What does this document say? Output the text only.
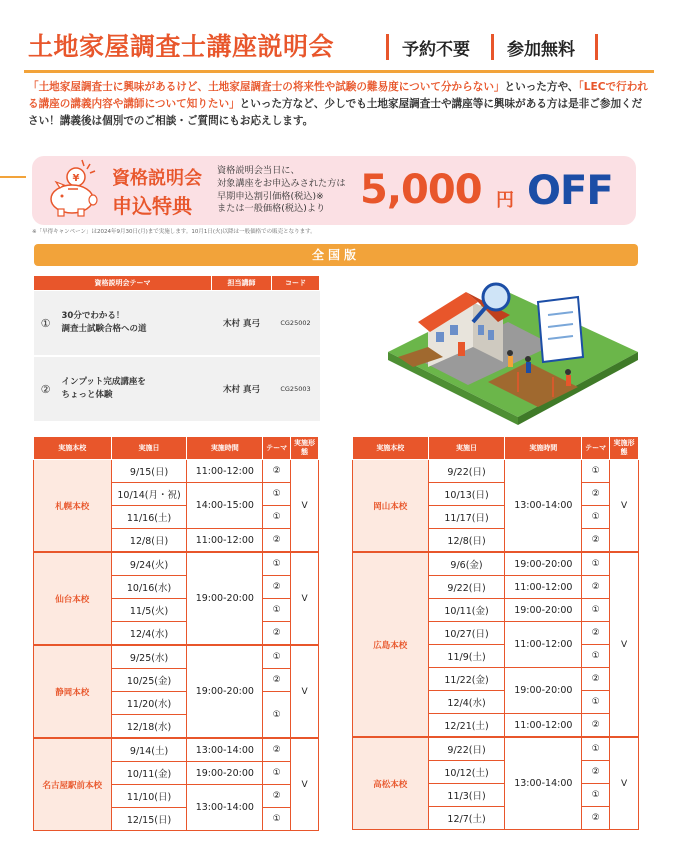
土地家屋調査士講座説明会	予約不要 参加無料
「土地家屋調査士に興味があるけど、土地家屋調査士の将来性や試験の難易度について分からない」といった方や、「LECで行われる講座の講義内容や講師について知りたい」といった方など、少しでも土地家屋調査士や講座等に興味がある方は是非ご参加ください！講義後は個別でのご相談・ご質問にもお応えします。
¥ 資格説明会
申込特典
資格説明会当日に、
対象講座をお申込みされた方は
早期申込割引価格(税込)※
または一般価格(税込)より 5,000 円 OFF
※「早得キャンペーン」は2024年9月30日(月)まで実施します。10月1日(火)以降は一般価格での販売となります。
全国版
資格説明会テーマ		担当講師	コード
①	30分でわかる！
調査士試験合格への道	木村 真弓	CG25002
②	インプット完成講座を
ちょっと体験	木村 真弓	CG25003
実施本校	実施日	実施時間	テーマ	実施形態
札幌本校	9/15(日)	11:00-12:00	②	V
	10/14(月・祝)	14:00-15:00	①	
	11/16(土)		①	
	12/8(日)	11:00-12:00	②	
仙台本校	9/24(火)	19:00-20:00	①	V
	10/16(水)		②	
	11/5(火)		①	
	12/4(水)		②	
静岡本校	9/25(水)	19:00-20:00	①	V
	10/25(金)		②	
	11/20(水)		①	
	12/18(水)			
名古屋駅前本校	9/14(土)	13:00-14:00	②	V
	10/11(金)	19:00-20:00	①	
	11/10(日)	13:00-14:00	②	
	12/15(日)		①	
実施本校	実施日	実施時間	テーマ	実施形態
岡山本校	9/22(日)	13:00-14:00	①	V
	10/13(日)		②	
	11/17(日)		①	
	12/8(日)		②	
広島本校	9/6(金)	19:00-20:00	①	V
	9/22(日)	11:00-12:00	②	
	10/11(金)	19:00-20:00	①	
	10/27(日)	11:00-12:00	②	
	11/9(土)		①	
	11/22(金)	19:00-20:00	②	
	12/4(水)		①	
	12/21(土)	11:00-12:00	②	
高松本校	9/22(日)	13:00-14:00	①	V
	10/12(土)		②	
	11/3(日)		①	
	12/7(土)		②	
